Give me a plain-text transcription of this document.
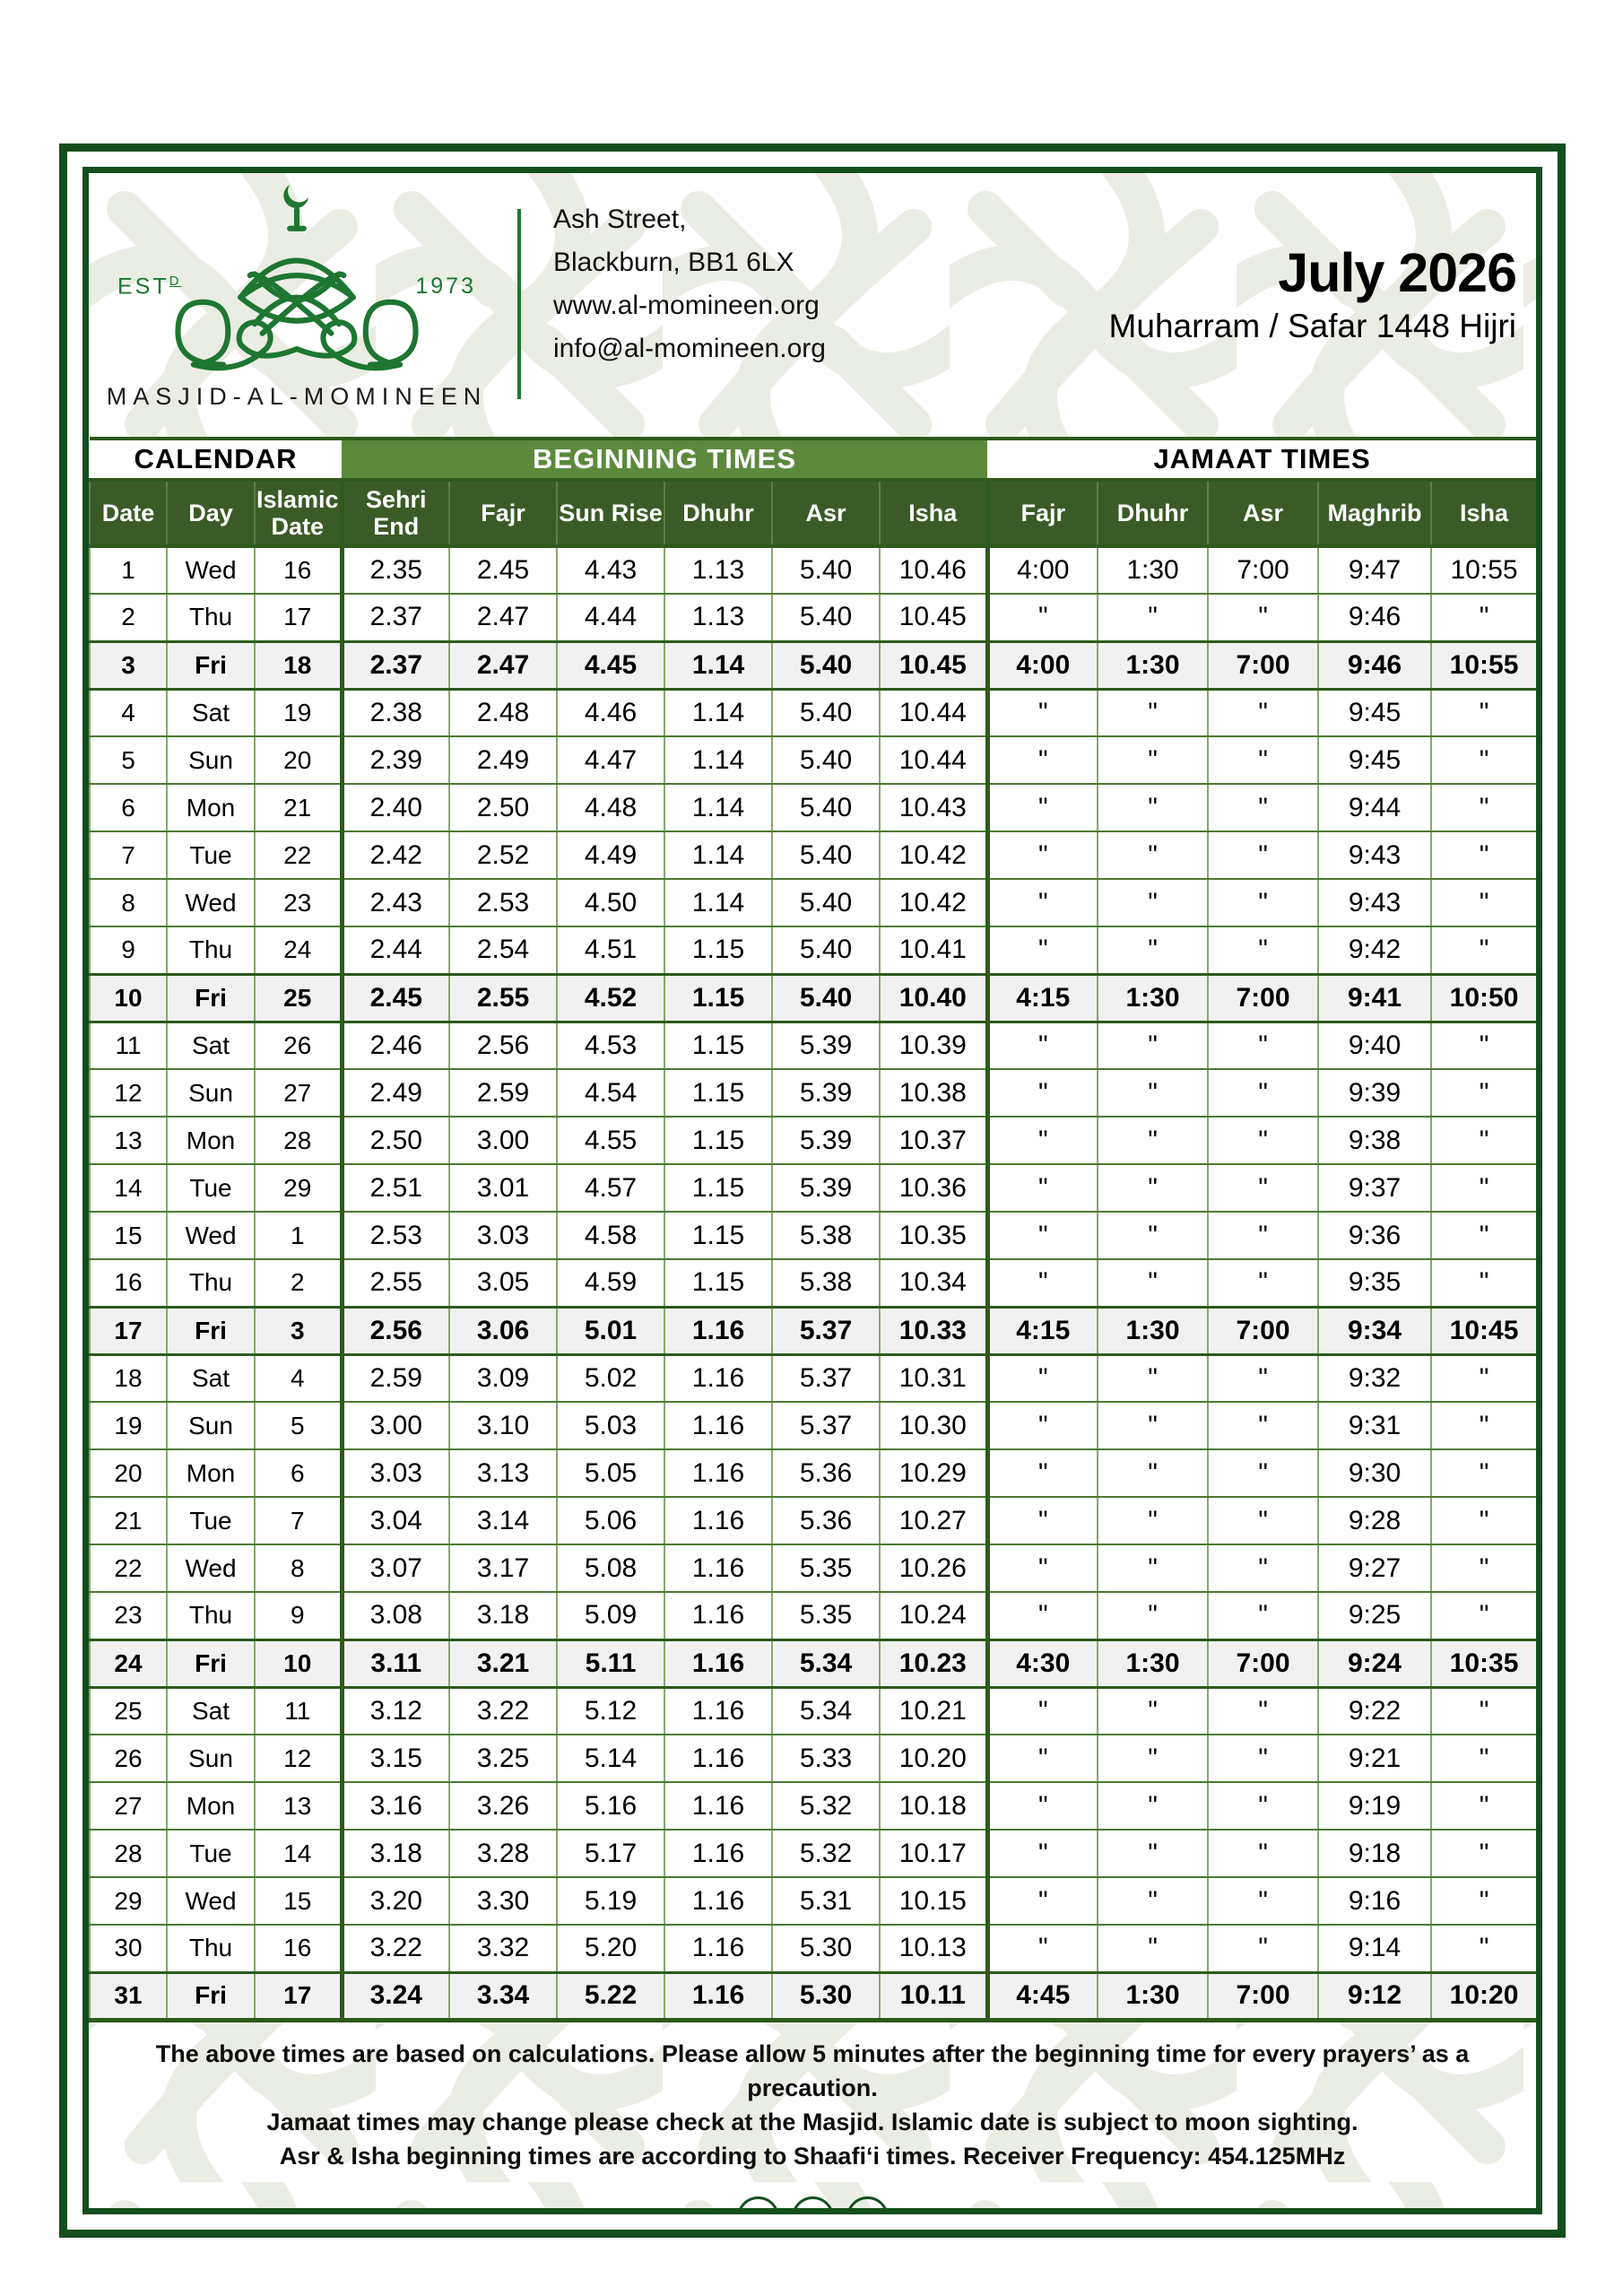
$EST^D$	1973
MASJID-AL-MOMINEEN
Ash Street,
Blackburn, BB1 6LX
www.al-momineen.org
info@al-momineen.org
July 2026
Muharram / Safar 1448 Hijri
CALENDAR			BEGINNING TIMES						JAMAAT TIMES				
Date	Day	Islamic Date	Sehri End	Fajr	Sun Rise	Dhuhr	Asr	Isha	Fajr	Dhuhr	Asr	Maghrib	Isha
1	Wed	16	2.35	2.45	4.43	1.13	5.40	10.46	4:00	1:30	7:00	9:47	10:55
2	Thu	17	2.37	2.47	4.44	1.13	5.40	10.45	"	"	"	9:46	"
3	Fri	18	2.37	2.47	4.45	1.14	5.40	10.45	4:00	1:30	7:00	9:46	10:55
4	Sat	19	2.38	2.48	4.46	1.14	5.40	10.44	"	"	"	9:45	"
5	Sun	20	2.39	2.49	4.47	1.14	5.40	10.44	"	"	"	9:45	"
6	Mon	21	2.40	2.50	4.48	1.14	5.40	10.43	"	"	"	9:44	"
7	Tue	22	2.42	2.52	4.49	1.14	5.40	10.42	"	"	"	9:43	"
8	Wed	23	2.43	2.53	4.50	1.14	5.40	10.42	"	"	"	9:43	"
9	Thu	24	2.44	2.54	4.51	1.15	5.40	10.41	"	"	"	9:42	"
10	Fri	25	2.45	2.55	4.52	1.15	5.40	10.40	4:15	1:30	7:00	9:41	10:50
11	Sat	26	2.46	2.56	4.53	1.15	5.39	10.39	"	"	"	9:40	"
12	Sun	27	2.49	2.59	4.54	1.15	5.39	10.38	"	"	"	9:39	"
13	Mon	28	2.50	3.00	4.55	1.15	5.39	10.37	"	"	"	9:38	"
14	Tue	29	2.51	3.01	4.57	1.15	5.39	10.36	"	"	"	9:37	"
15	Wed	1	2.53	3.03	4.58	1.15	5.38	10.35	"	"	"	9:36	"
16	Thu	2	2.55	3.05	4.59	1.15	5.38	10.34	"	"	"	9:35	"
17	Fri	3	2.56	3.06	5.01	1.16	5.37	10.33	4:15	1:30	7:00	9:34	10:45
18	Sat	4	2.59	3.09	5.02	1.16	5.37	10.31	"	"	"	9:32	"
19	Sun	5	3.00	3.10	5.03	1.16	5.37	10.30	"	"	"	9:31	"
20	Mon	6	3.03	3.13	5.05	1.16	5.36	10.29	"	"	"	9:30	"
21	Tue	7	3.04	3.14	5.06	1.16	5.36	10.27	"	"	"	9:28	"
22	Wed	8	3.07	3.17	5.08	1.16	5.35	10.26	"	"	"	9:27	"
23	Thu	9	3.08	3.18	5.09	1.16	5.35	10.24	"	"	"	9:25	"
24	Fri	10	3.11	3.21	5.11	1.16	5.34	10.23	4:30	1:30	7:00	9:24	10:35
25	Sat	11	3.12	3.22	5.12	1.16	5.34	10.21	"	"	"	9:22	"
26	Sun	12	3.15	3.25	5.14	1.16	5.33	10.20	"	"	"	9:21	"
27	Mon	13	3.16	3.26	5.16	1.16	5.32	10.18	"	"	"	9:19	"
28	Tue	14	3.18	3.28	5.17	1.16	5.32	10.17	"	"	"	9:18	"
29	Wed	15	3.20	3.30	5.19	1.16	5.31	10.15	"	"	"	9:16	"
30	Thu	16	3.22	3.32	5.20	1.16	5.30	10.13	"	"	"	9:14	"
31	Fri	17	3.24	3.34	5.22	1.16	5.30	10.11	4:45	1:30	7:00	9:12	10:20
The above times are based on calculations. Please allow 5 minutes after the beginning time for every prayers’ as a precaution.
Jamaat times may change please check at the Masjid. Islamic date is subject to moon sighting.
Asr & Isha beginning times are according to Shaafi‘i times. Receiver Frequency: 454.125MHz
